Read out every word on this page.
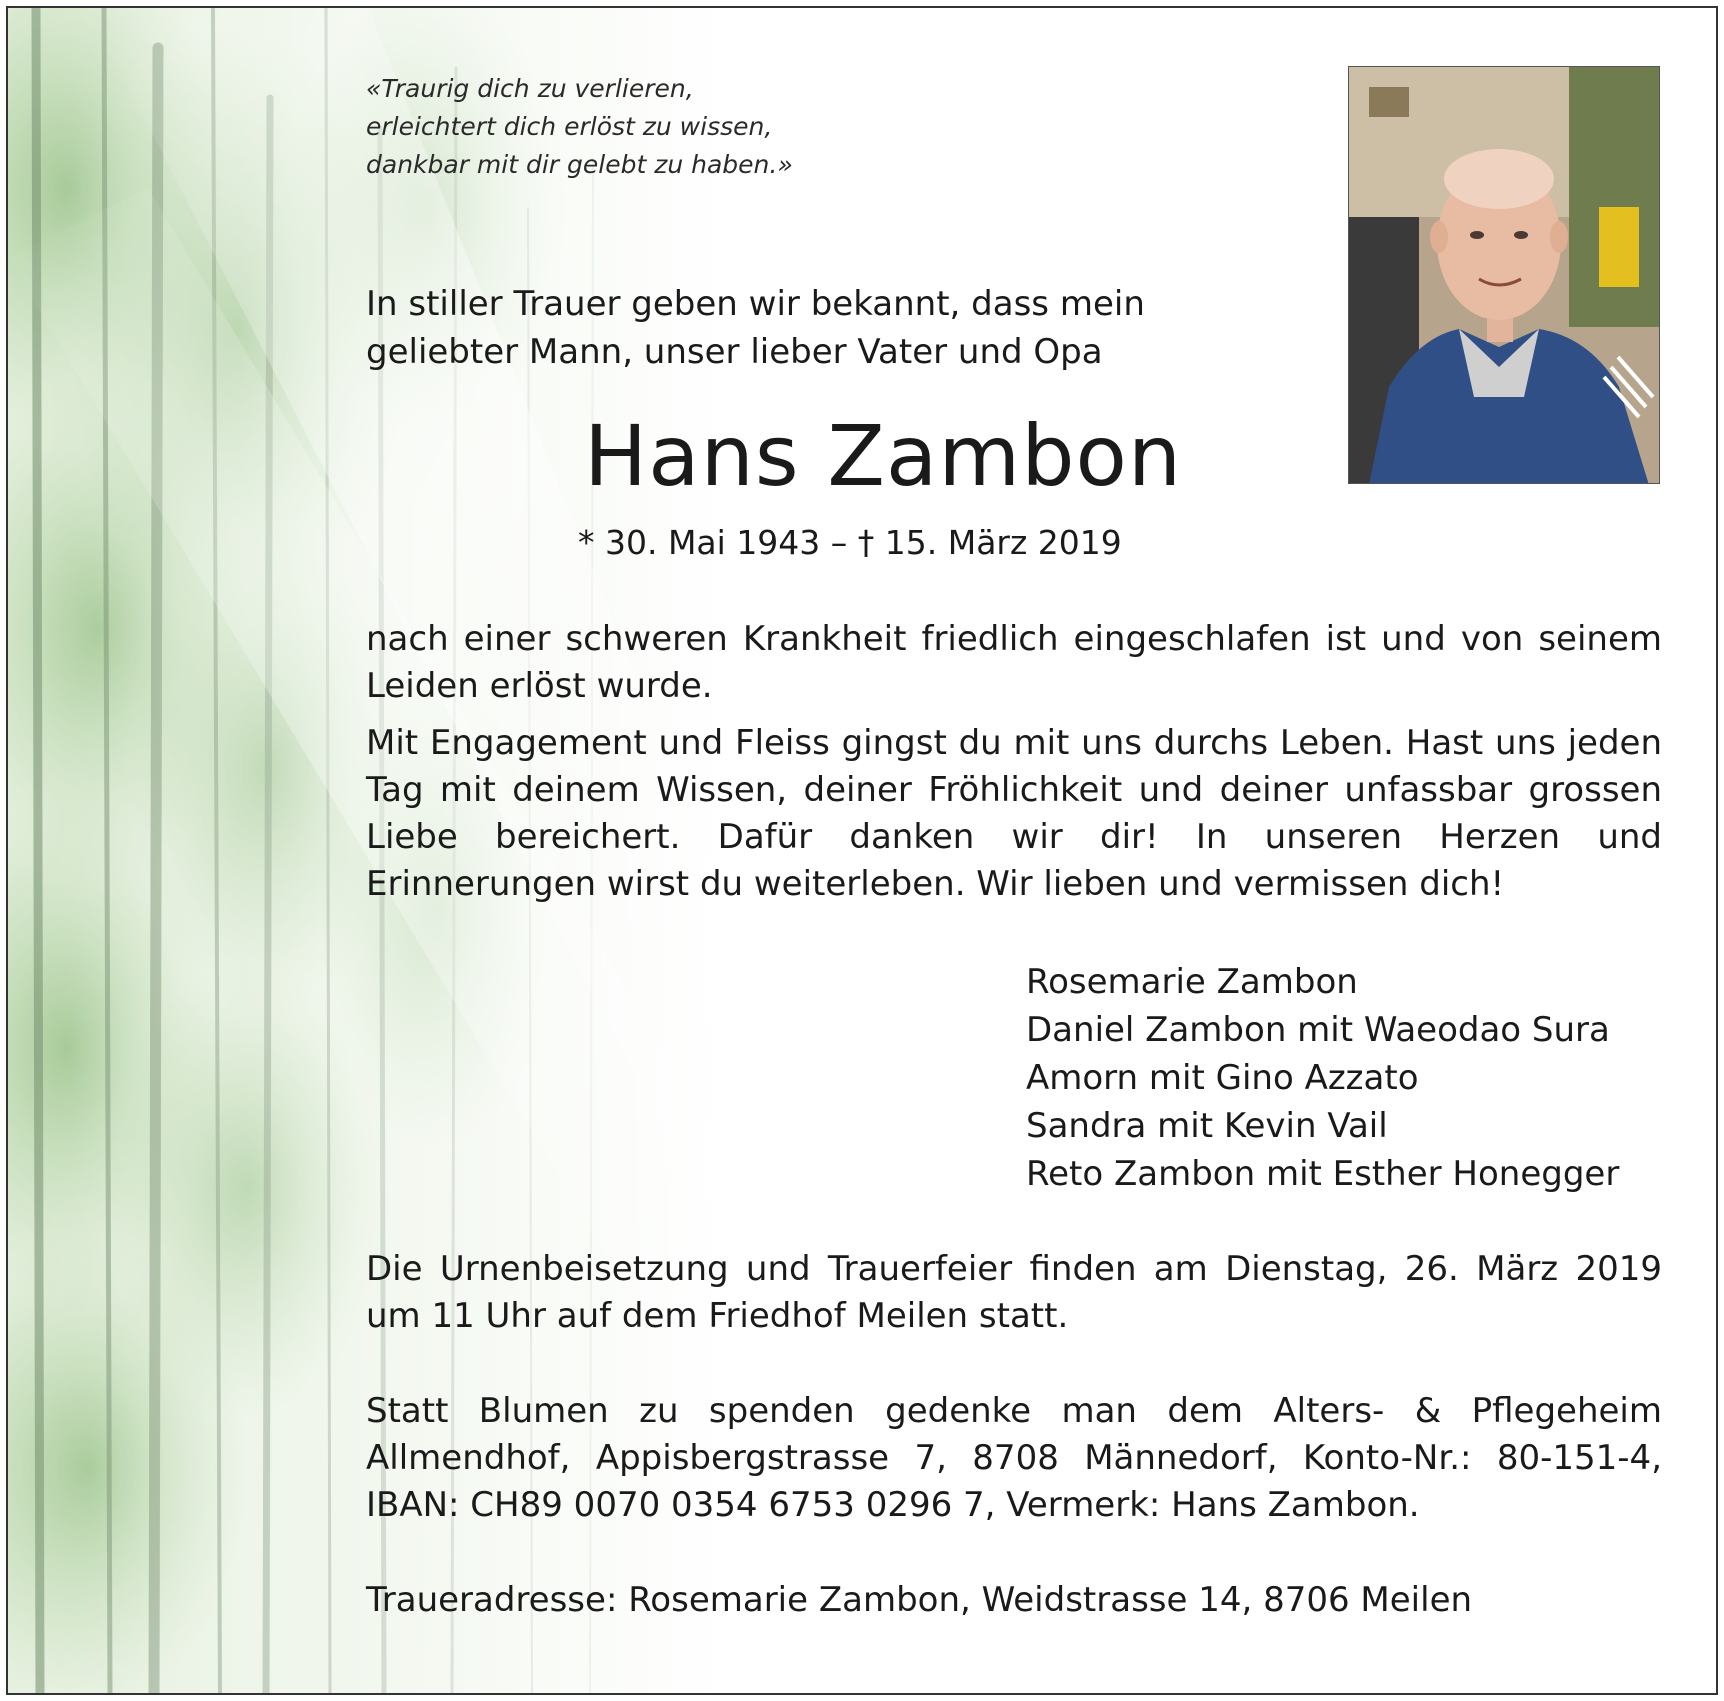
«Traurig dich zu verlieren,
erleichtert dich erlöst zu wissen,
dankbar mit dir gelebt zu haben.»
In stiller Trauer geben wir bekannt, dass mein
geliebter Mann, unser lieber Vater und Opa
Hans Zambon
* 30. Mai 1943 – † 15. März 2019
nach einer schweren Krankheit friedlich eingeschlafen ist und von seinem Leiden erlöst wurde.
Mit Engagement und Fleiss gingst du mit uns durchs Leben. Hast uns jeden Tag mit deinem Wissen, deiner Fröhlichkeit und deiner unfassbar grossen Liebe bereichert. Dafür danken wir dir! In unseren Herzen und Erinnerungen wirst du weiterleben. Wir lieben und vermissen dich!
Rosemarie Zambon
Daniel Zambon mit Waeodao Sura
Amorn mit Gino Azzato
Sandra mit Kevin Vail
Reto Zambon mit Esther Honegger
Die Urnenbeisetzung und Trauerfeier finden am Dienstag, 26. März 2019 um 11 Uhr auf dem Friedhof Meilen statt.
Statt Blumen zu spenden gedenke man dem Alters- & Pflegeheim Allmendhof, Appisbergstrasse 7, 8708 Männedorf, Konto-Nr.: 80-151-4, IBAN: CH89 0070 0354 6753 0296 7, Vermerk: Hans Zambon.
Traueradresse: Rosemarie Zambon, Weidstrasse 14, 8706 Meilen
